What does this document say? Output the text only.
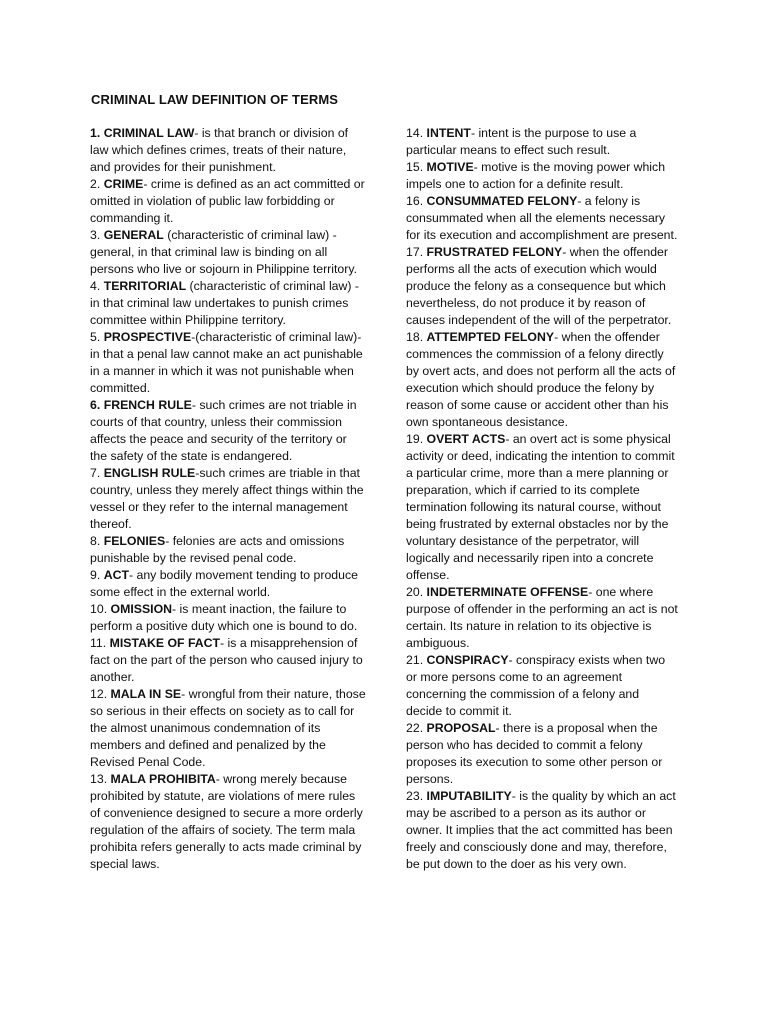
CRIMINAL LAW DEFINITION OF TERMS

1. CRIMINAL LAW- is that branch or division of law which defines crimes, treats of their nature, and provides for their punishment.

2. CRIME- crime is defined as an act committed or omitted in violation of public law forbidding or commanding it.

3. GENERAL (characteristic of criminal law) - general, in that criminal law is binding on all persons who live or sojourn in Philippine territory.

4. TERRITORIAL (characteristic of criminal law) - in that criminal law undertakes to punish crimes committee within Philippine territory.

5. PROSPECTIVE-(characteristic of criminal law)- in that a penal law cannot make an act punishable in a manner in which it was not punishable when committed.

6. FRENCH RULE- such crimes are not triable in courts of that country, unless their commission affects the peace and security of the territory or the safety of the state is endangered.

7. ENGLISH RULE-such crimes are triable in that country, unless they merely affect things within the vessel or they refer to the internal management thereof.

8. FELONIES- felonies are acts and omissions punishable by the revised penal code.

9. ACT- any bodily movement tending to produce some effect in the external world.

10. OMISSION- is meant inaction, the failure to perform a positive duty which one is bound to do.

11. MISTAKE OF FACT- is a misapprehension of fact on the part of the person who caused injury to another.

12. MALA IN SE- wrongful from their nature, those so serious in their effects on society as to call for the almost unanimous condemnation of its members and defined and penalized by the Revised Penal Code.

13. MALA PROHIBITA- wrong merely because prohibited by statute, are violations of mere rules of convenience designed to secure a more orderly regulation of the affairs of society. The term mala prohibita refers generally to acts made criminal by special laws.

14. INTENT- intent is the purpose to use a particular means to effect such result.

15. MOTIVE- motive is the moving power which impels one to action for a definite result.

16. CONSUMMATED FELONY- a felony is consummated when all the elements necessary for its execution and accomplishment are present.

17. FRUSTRATED FELONY- when the offender performs all the acts of execution which would produce the felony as a consequence but which nevertheless, do not produce it by reason of causes independent of the will of the perpetrator.

18. ATTEMPTED FELONY- when the offender commences the commission of a felony directly by overt acts, and does not perform all the acts of execution which should produce the felony by reason of some cause or accident other than his own spontaneous desistance.

19. OVERT ACTS- an overt act is some physical activity or deed, indicating the intention to commit a particular crime, more than a mere planning or preparation, which if carried to its complete termination following its natural course, without being frustrated by external obstacles nor by the voluntary desistance of the perpetrator, will logically and necessarily ripen into a concrete offense.

20. INDETERMINATE OFFENSE- one where purpose of offender in the performing an act is not certain. Its nature in relation to its objective is ambiguous.

21. CONSPIRACY- conspiracy exists when two or more persons come to an agreement concerning the commission of a felony and decide to commit it.

22. PROPOSAL- there is a proposal when the person who has decided to commit a felony proposes its execution to some other person or persons.

23. IMPUTABILITY- is the quality by which an act may be ascribed to a person as its author or owner. It implies that the act committed has been freely and consciously done and may, therefore, be put down to the doer as his very own.
